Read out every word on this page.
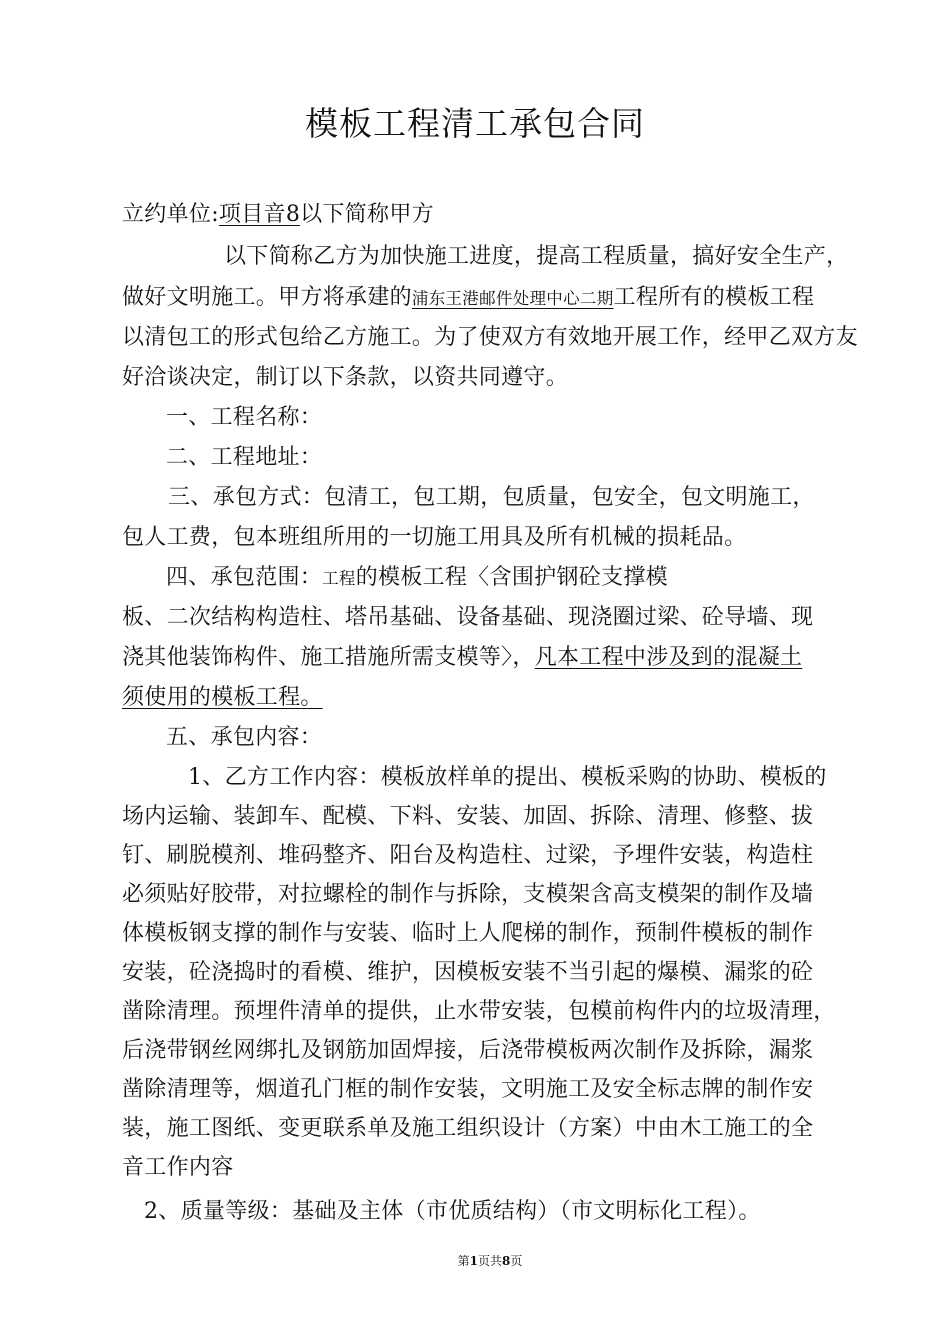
模板工程清工承包合同
立约单位:项目音8以下简称甲方
以下简称乙方为加快施工进度，提高工程质量，搞好安全生产，
做好文明施工。甲方将承建的浦东王港邮件处理中心二期工程所有的模板工程
以清包工的形式包给乙方施工。为了使双方有效地开展工作，经甲乙双方友
好洽谈决定，制订以下条款，以资共同遵守。
一、工程名称：
二、工程地址：
三、承包方式：包清工，包工期，包质量，包安全，包文明施工，
包人工费，包本班组所用的一切施工用具及所有机械的损耗品。
四、承包范围：工程的模板工程〈含围护钢砼支撑模
板、二次结构构造柱、塔吊基础、设备基础、现浇圈过梁、砼导墙、现
浇其他装饰构件、施工措施所需支模等〉，凡本工程中涉及到的混凝土
须使用的模板工程。
五、承包内容：
1、乙方工作内容：模板放样单的提出、模板采购的协助、模板的
场内运输、装卸车、配模、下料、安装、加固、拆除、清理、修整、拔
钉、刷脱模剂、堆码整齐、阳台及构造柱、过梁，予埋件安装，构造柱
必须贴好胶带，对拉螺栓的制作与拆除，支模架含高支模架的制作及墙
体模板钢支撑的制作与安装、临时上人爬梯的制作，预制件模板的制作
安装，砼浇捣时的看模、维护，因模板安装不当引起的爆模、漏浆的砼
凿除清理。预埋件清单的提供，止水带安装，包模前构件内的垃圾清理，
后浇带钢丝网绑扎及钢筋加固焊接，后浇带模板两次制作及拆除，漏浆
凿除清理等，烟道孔门框的制作安装，文明施工及安全标志牌的制作安
装，施工图纸、变更联系单及施工组织设计（方案）中由木工施工的全
音工作内容
2、质量等级：基础及主体（市优质结构）（市文明标化工程）。
第1页共8页
